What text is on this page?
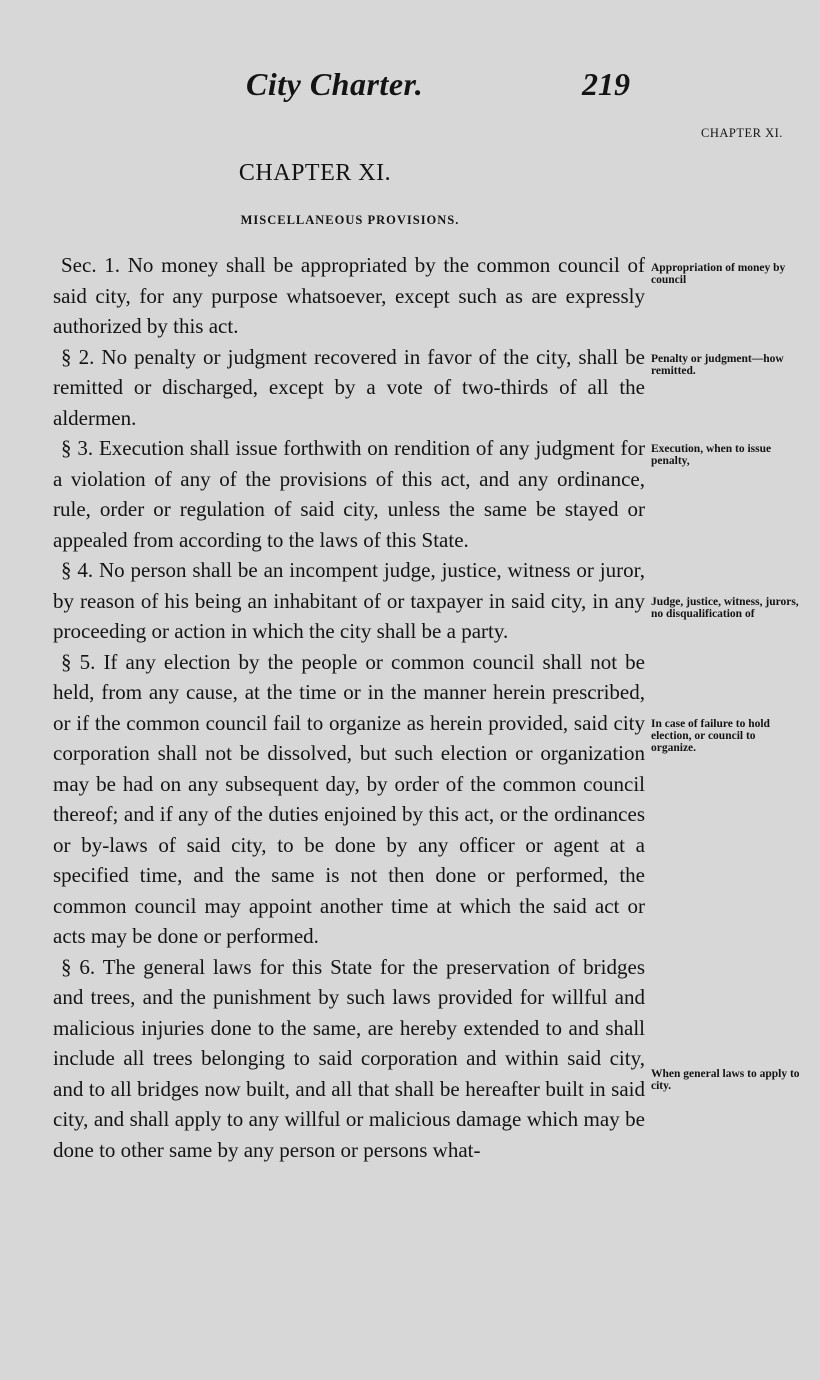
City Charter.	219
CHAPTER XI.
CHAPTER XI.
MISCELLANEOUS PROVISIONS.

Sec. 1. No money shall be appropriated by the common council of said city, for any purpose whatsoever, except such as are expressly authorized by this act.

§ 2. No penalty or judgment recovered in favor of the city, shall be remitted or discharged, except by a vote of two-thirds of all the aldermen.

§ 3. Execution shall issue forthwith on rendition of any judgment for a violation of any of the provisions of this act, and any ordinance, rule, order or regulation of said city, unless the same be stayed or appealed from according to the laws of this State.

§ 4. No person shall be an incompent judge, justice, witness or juror, by reason of his being an inhabitant of or taxpayer in said city, in any proceeding or action in which the city shall be a party.

§ 5. If any election by the people or common council shall not be held, from any cause, at the time or in the manner herein prescribed, or if the common council fail to organize as herein provided, said city corporation shall not be dissolved, but such election or organization may be had on any subsequent day, by order of the common council thereof; and if any of the duties enjoined by this act, or the ordinances or by-laws of said city, to be done by any officer or agent at a specified time, and the same is not then done or performed, the common council may appoint another time at which the said act or acts may be done or performed.

§ 6. The general laws for this State for the preservation of bridges and trees, and the punishment by such laws provided for willful and malicious injuries done to the same, are hereby extended to and shall include all trees belonging to said corporation and within said city, and to all bridges now built, and all that shall be hereafter built in said city, and shall apply to any willful or malicious damage which may be done to other same by any person or persons what-

Appropriation of money by council
Penalty or judgment—how remitted.
Execution, when to issue penalty,
Judge, justice, witness, jurors, no disqualification of
In case of failure to hold election, or council to organize.
When general laws to apply to city.
